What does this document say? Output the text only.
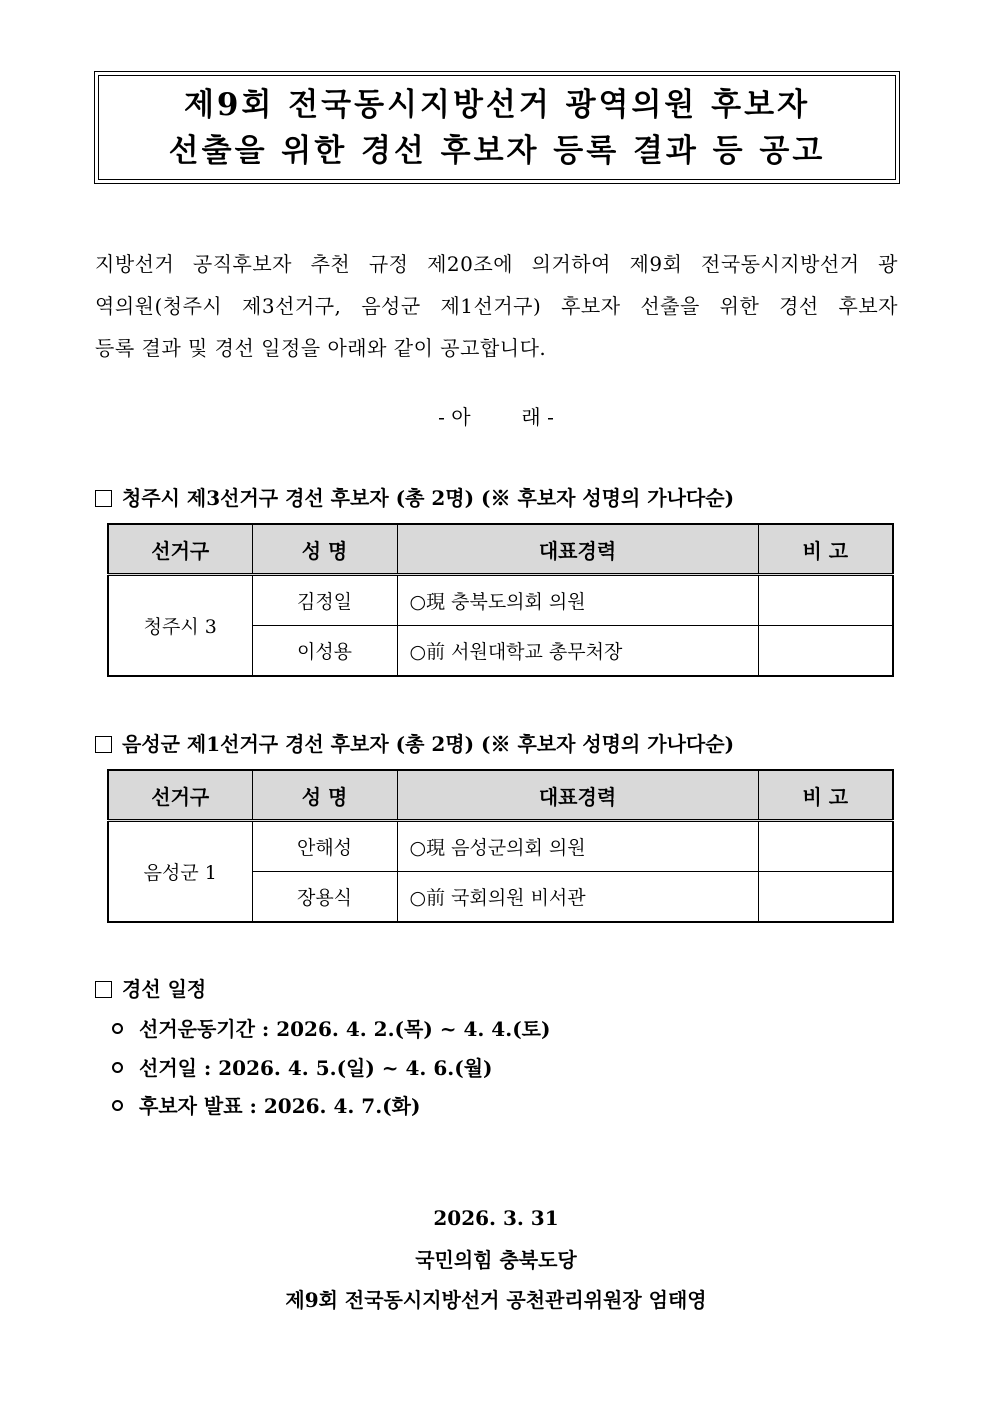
제9회 전국동시지방선거 광역의원 후보자
선출을 위한 경선 후보자 등록 결과 등 공고
지방선거 공직후보자 추천 규정 제20조에 의거하여 제9회 전국동시지방선거 광
역의원(청주시 제3선거구, 음성군 제1선거구) 후보자 선출을 위한 경선 후보자
등록 결과 및 경선 일정을 아래와 같이 공고합니다.
- 아        래 -
청주시 제3선거구 경선 후보자 (총 2명) (※ 후보자 성명의 가나다순)
선거구	성 명	대표경력	비 고
청주시 3	김정일	○現 충북도의회 의원	
	이성용	○前 서원대학교 총무처장	
음성군 제1선거구 경선 후보자 (총 2명) (※ 후보자 성명의 가나다순)
선거구	성 명	대표경력	비 고
음성군 1	안해성	○現 음성군의회 의원	
	장용식	○前 국회의원 비서관	
경선 일정
선거운동기간 : 2026. 4. 2.(목) ~ 4. 4.(토)
선거일 : 2026. 4. 5.(일) ~ 4. 6.(월)
후보자 발표 : 2026. 4. 7.(화)
2026. 3. 31
국민의힘 충북도당
제9회 전국동시지방선거 공천관리위원장 엄태영
